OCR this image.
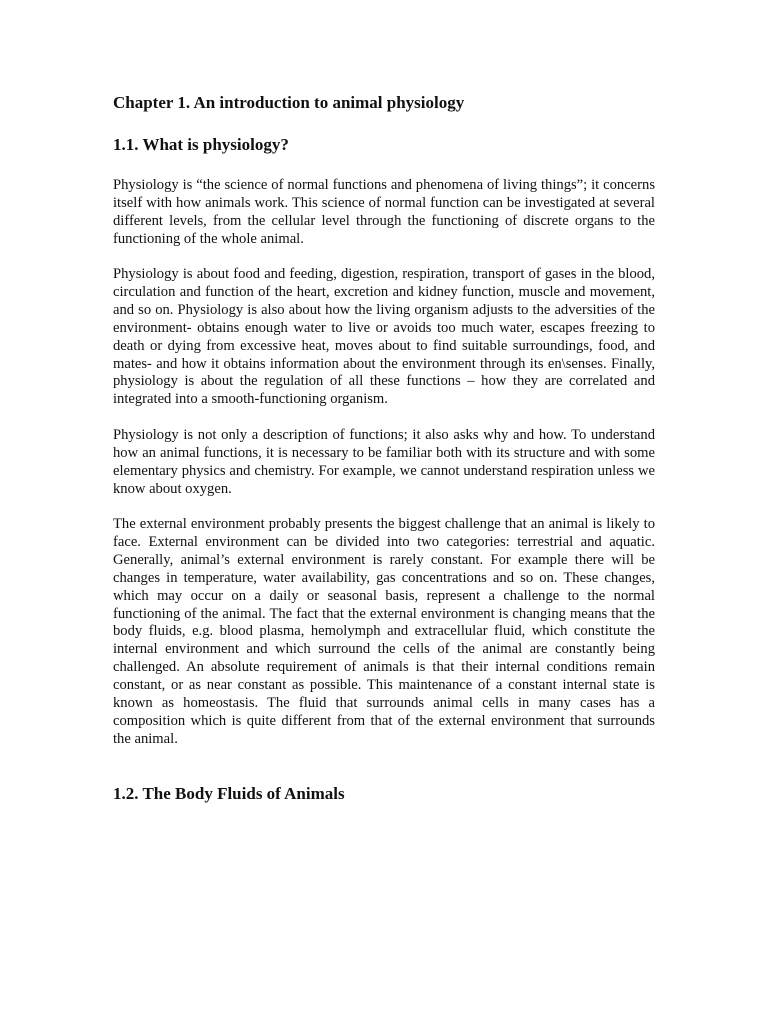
Chapter 1. An introduction to animal physiology
1.1. What is physiology?

Physiology is “the science of normal functions and phenomena of living things”; it concerns itself with how animals work. This science of normal function can be investigated at several different levels, from the cellular level through the functioning of discrete organs to the functioning of the whole animal.

Physiology is about food and feeding, digestion, respiration, transport of gases in the blood, circulation and function of the heart, excretion and kidney function, muscle and movement, and so on. Physiology is also about how the living organism adjusts to the adversities of the environment- obtains enough water to live or avoids too much water, escapes freezing to death or dying from excessive heat, moves about to find suitable surroundings, food, and mates- and how it obtains information about the environment through its en\senses. Finally, physiology is about the regulation of all these functions – how they are correlated and integrated into a smooth-functioning organism.

Physiology is not only a description of functions; it also asks why and how. To understand how an animal functions, it is necessary to be familiar both with its structure and with some elementary physics and chemistry. For example, we cannot understand respiration unless we know about oxygen.

The external environment probably presents the biggest challenge that an animal is likely to face. External environment can be divided into two categories: terrestrial and aquatic. Generally, animal’s external environment is rarely constant. For example there will be changes in temperature, water availability, gas concentrations and so on. These changes, which may occur on a daily or seasonal basis, represent a challenge to the normal functioning of the animal. The fact that the external environment is changing means that the body fluids, e.g. blood plasma, hemolymph and extracellular fluid, which constitute the internal environment and which surround the cells of the animal are constantly being challenged. An absolute requirement of animals is that their internal conditions remain constant, or as near constant as possible. This maintenance of a constant internal state is known as homeostasis. The fluid that surrounds animal cells in many cases has a composition which is quite different from that of the external environment that surrounds the animal.

1.2. The Body Fluids of Animals
